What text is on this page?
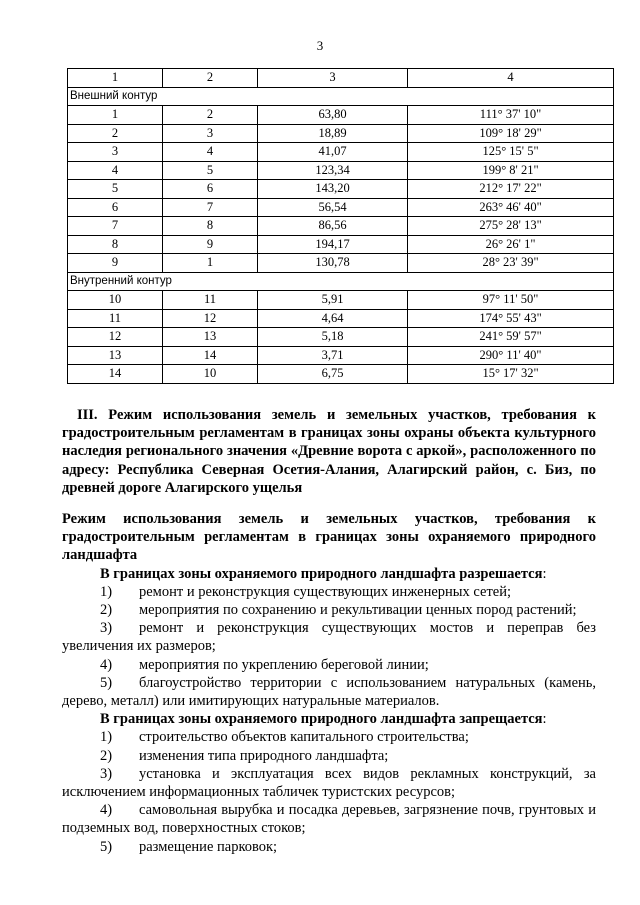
3
1	2	3	4
Внешний контур			
1	2	63,80	111° 37' 10"
2	3	18,89	109° 18' 29"
3	4	41,07	125° 15' 5"
4	5	123,34	199° 8' 21"
5	6	143,20	212° 17' 22"
6	7	56,54	263° 46' 40"
7	8	86,56	275° 28' 13"
8	9	194,17	26° 26' 1"
9	1	130,78	28° 23' 39"
Внутренний контур			
10	11	5,91	97° 11' 50"
11	12	4,64	174° 55' 43"
12	13	5,18	241° 59' 57"
13	14	3,71	290° 11' 40"
14	10	6,75	15° 17' 32"
III. Режим использования земель и земельных участков, требования к градостроительным регламентам в границах зоны охраны объекта культурного наследия регионального значения «Древние ворота с аркой», расположенного по адресу: Республика Северная Осетия-Алания, Алагирский район, с. Биз, по древней дороге Алагирского ущелья

Режим использования земель и земельных участков, требования к градостроительным регламентам в границах зоны охраняемого природного ландшафта

В границах зоны охраняемого природного ландшафта разрешается:

1) ремонт и реконструкция существующих инженерных сетей;

2) мероприятия по сохранению и рекультивации ценных пород растений;

3) ремонт и реконструкция существующих мостов и переправ без увеличения их размеров;

4) мероприятия по укреплению береговой линии;

5) благоустройство территории с использованием натуральных (камень, дерево, металл) или имитирующих натуральные материалов.

В границах зоны охраняемого природного ландшафта запрещается:

1) строительство объектов капитального строительства;

2) изменения типа природного ландшафта;

3) установка и эксплуатация всех видов рекламных конструкций, за исключением информационных табличек туристских ресурсов;

4) самовольная вырубка и посадка деревьев, загрязнение почв, грунтовых и подземных вод, поверхностных стоков;

5) размещение парковок;
